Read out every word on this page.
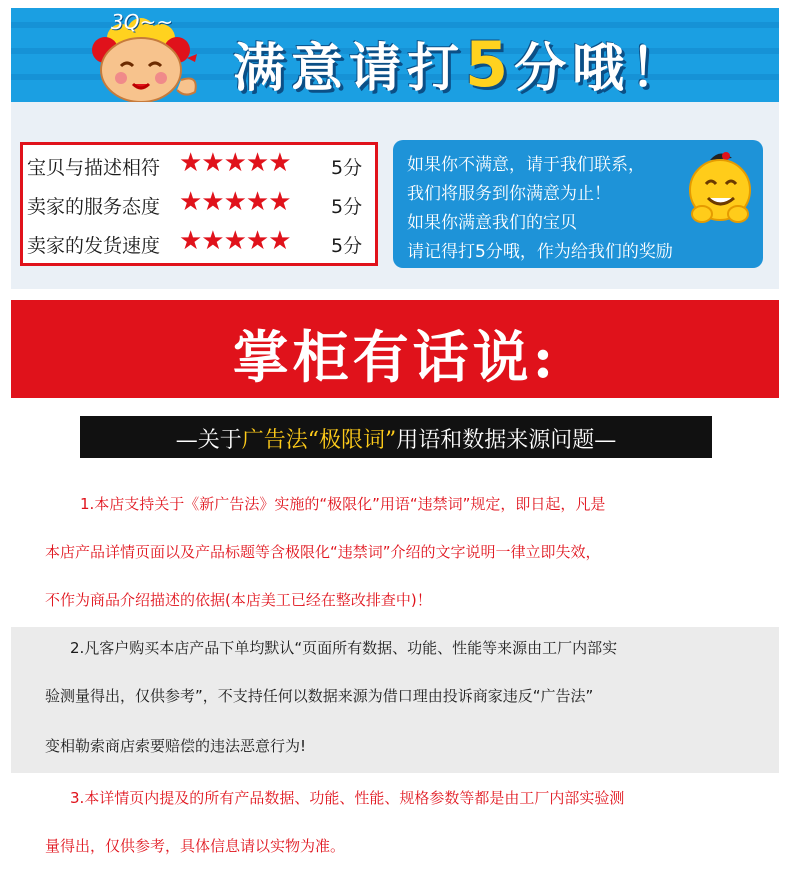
3Q~~
满意请打5分哦！
宝贝与描述相符 ★★★★★ 5分
卖家的服务态度 ★★★★★ 5分
卖家的发货速度 ★★★★★ 5分
如果你不满意，请于我们联系，
我们将服务到你满意为止！
如果你满意我们的宝贝
请记得打5分哦，作为给我们的奖励
掌柜有话说:
—关于广告法“极限词”用语和数据来源问题—
1.本店支持关于《新广告法》实施的“极限化”用语“违禁词”规定，即日起，凡是
本店产品详情页面以及产品标题等含极限化“违禁词”介绍的文字说明一律立即失效，
不作为商品介绍描述的依据(本店美工已经在整改排查中)！
2.凡客户购买本店产品下单均默认“页面所有数据、功能、性能等来源由工厂内部实
验测量得出，仅供参考”，不支持任何以数据来源为借口理由投诉商家违反“广告法”
变相勒索商店索要赔偿的违法恶意行为!
3.本详情页内提及的所有产品数据、功能、性能、规格参数等都是由工厂内部实验测
量得出，仅供参考，具体信息请以实物为准。
